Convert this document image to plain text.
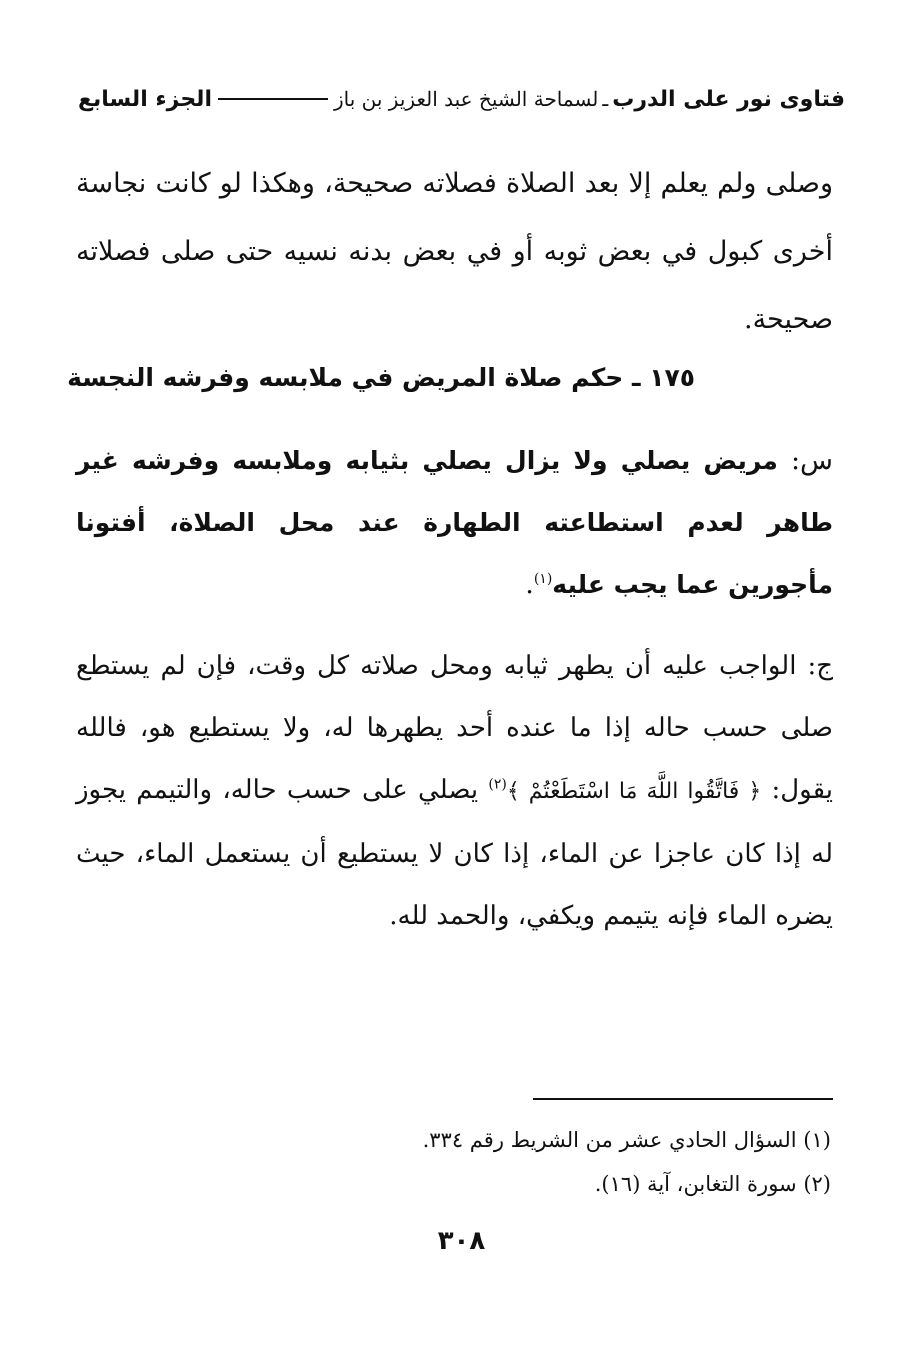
فتاوى نور على الدرب
ـ
لسماحة الشيخ عبد العزيز بن باز
الجزء السابع
وصلى ولم يعلم إلا بعد الصلاة فصلاته صحيحة، وهكذا لو كانت نجاسة أخرى كبول في بعض ثوبه أو في بعض بدنه نسيه حتى صلى فصلاته صحيحة.
١٧٥ ـ حكم صلاة المريض في ملابسه وفرشه النجسة
س: مريض يصلي ولا يزال يصلي بثيابه وملابسه وفرشه غير طاهر لعدم استطاعته الطهارة عند محل الصلاة، أفتونا مأجورين عما يجب عليه$^{(١)}$.
ج: الواجب عليه أن يطهر ثيابه ومحل صلاته كل وقت، فإن لم يستطع صلى حسب حاله إذا ما عنده أحد يطهرها له، ولا يستطيع هو، فالله يقول: ﴿ فَاتَّقُوا اللَّهَ مَا اسْتَطَعْتُمْ ﴾$^{(٢)}$ يصلي على حسب حاله، والتيمم يجوز له إذا كان عاجزا عن الماء، إذا كان لا يستطيع أن يستعمل الماء، حيث يضره الماء فإنه يتيمم ويكفي، والحمد لله.
(١) السؤال الحادي عشر من الشريط رقم ٣٣٤.
(٢) سورة التغابن، آية (١٦).
٣٠٨
